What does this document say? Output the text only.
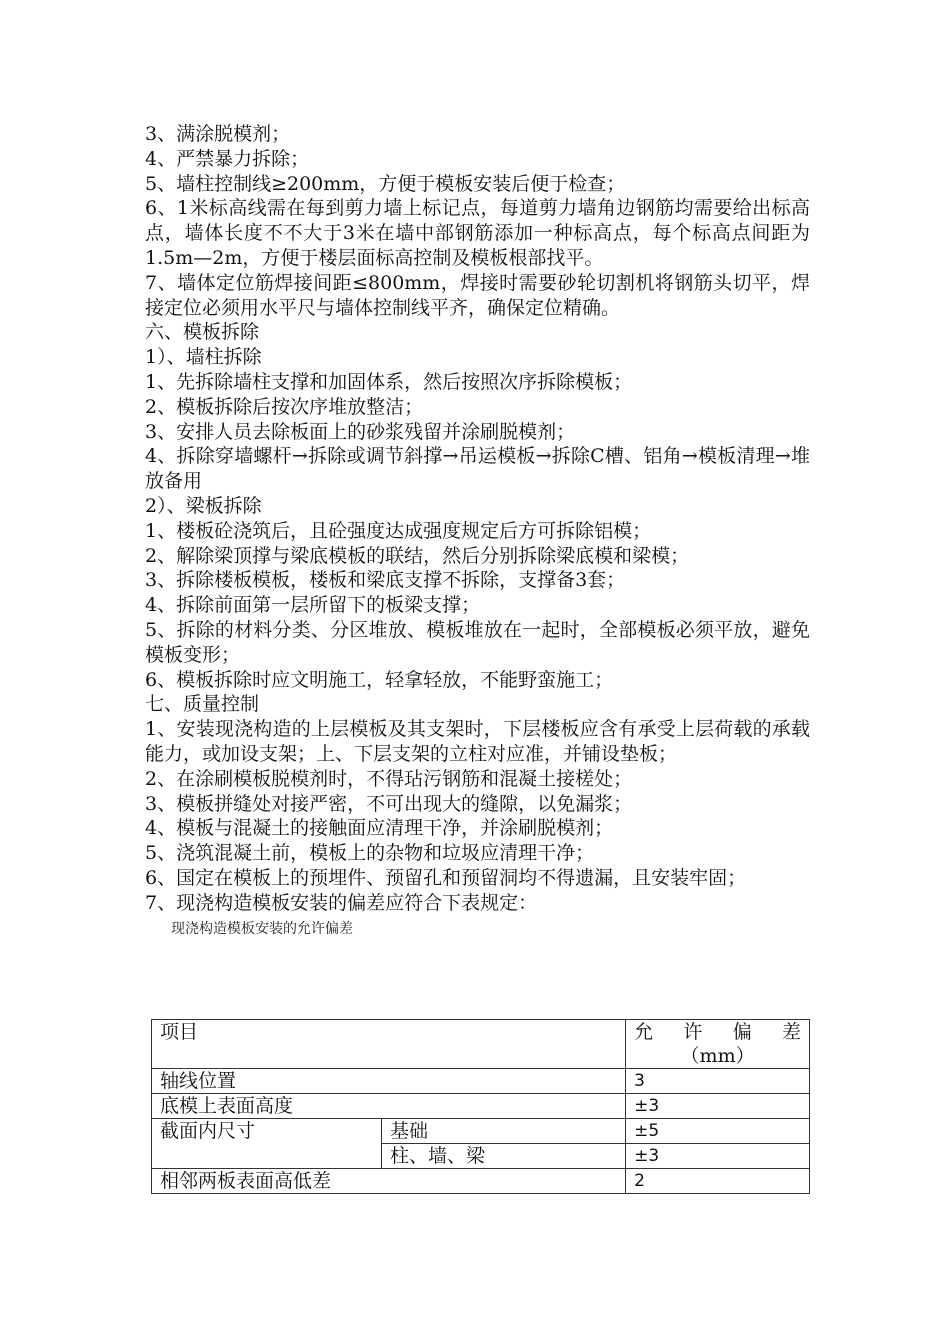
3、满涂脱模剂；

4、严禁暴力拆除；

5、墙柱控制线≥200mm，方便于模板安装后便于检查；

6、1米标高线需在每到剪力墙上标记点，每道剪力墙角边钢筋均需要给出标高点，墙体长度不不大于3米在墙中部钢筋添加一种标高点，每个标高点间距为1.5m—2m，方便于楼层面标高控制及模板根部找平。

7、墙体定位筋焊接间距≤800mm，焊接时需要砂轮切割机将钢筋头切平，焊接定位必须用水平尺与墙体控制线平齐，确保定位精确。

六、模板拆除

1）、墙柱拆除

1、先拆除墙柱支撑和加固体系，然后按照次序拆除模板；

2、模板拆除后按次序堆放整洁；

3、安排人员去除板面上的砂浆残留并涂刷脱模剂；

4、拆除穿墙螺杆→拆除或调节斜撑→吊运模板→拆除C槽、铝角→模板清理→堆放备用

2）、梁板拆除

1、楼板砼浇筑后，且砼强度达成强度规定后方可拆除铝模；

2、解除梁顶撑与梁底模板的联结，然后分别拆除梁底模和梁模；

3、拆除楼板模板，楼板和梁底支撑不拆除，支撑备3套；

4、拆除前面第一层所留下的板梁支撑；

5、拆除的材料分类、分区堆放、模板堆放在一起时，全部模板必须平放，避免模板变形；

6、模板拆除时应文明施工，轻拿轻放，不能野蛮施工；

七、质量控制

1、安装现浇构造的上层模板及其支架时，下层楼板应含有承受上层荷载的承载能力，或加设支架；上、下层支架的立柱对应准，并铺设垫板；

2、在涂刷模板脱模剂时，不得玷污钢筋和混凝土接槎处；

3、模板拼缝处对接严密，不可出现大的缝隙，以免漏浆；

4、模板与混凝土的接触面应清理干净，并涂刷脱模剂；

5、浇筑混凝土前，模板上的杂物和垃圾应清理干净；

6、国定在模板上的预埋件、预留孔和预留洞均不得遗漏，且安装牢固；

7、现浇构造模板安装的偏差应符合下表规定：

现浇构造模板安装的允许偏差

项目		允 许 偏 差
（mm）

轴线位置		3
底模上表面高度		±3
截面内尺寸	基础	±5
	柱、墙、梁	±3
相邻两板表面高低差		2
